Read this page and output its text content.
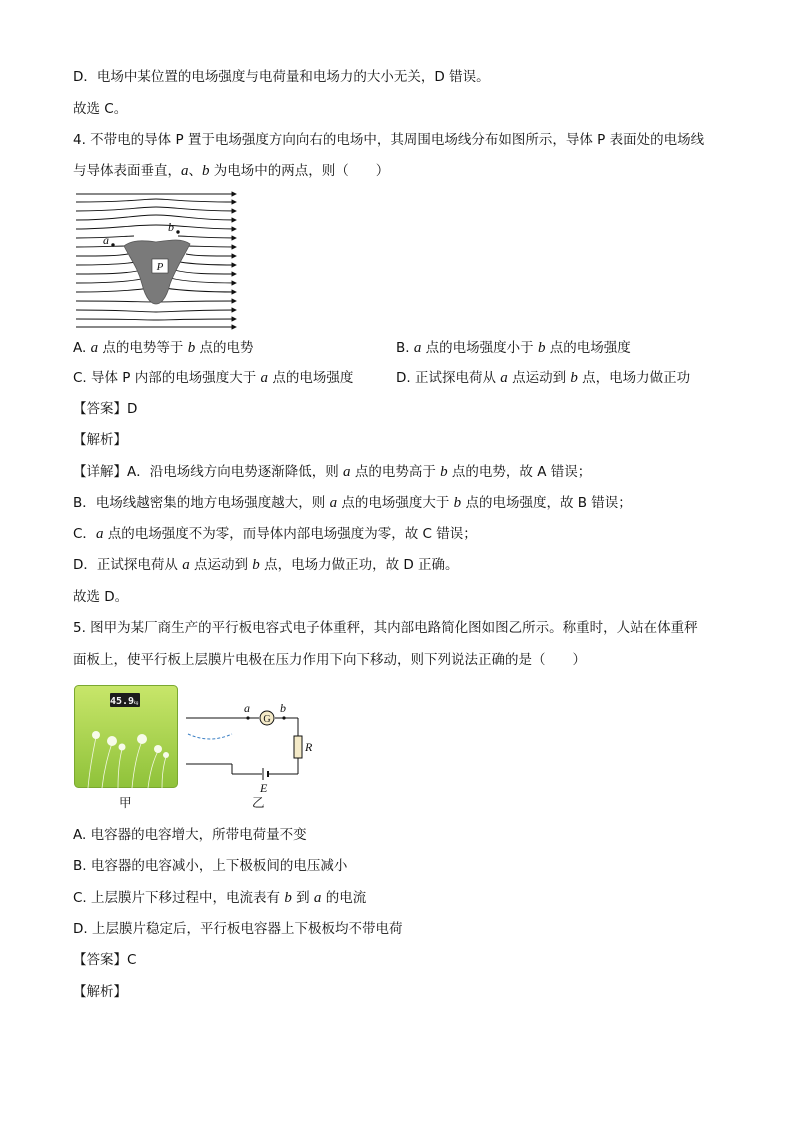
D．电场中某位置的电场强度与电荷量和电场力的大小无关，D 错误。
故选 C。
4. 不带电的导体 P 置于电场强度方向向右的电场中，其周围电场线分布如图所示，导体 P 表面处的电场线
与导体表面垂直，a、b 为电场中的两点，则（　　）
P
a
b
A. a 点的电势等于 b 点的电势	B. a 点的电场强度小于 b 点的电场强度
C. 导体 P 内部的电场强度大于 a 点的电场强度	D. 正试探电荷从 a 点运动到 b 点，电场力做正功
【答案】D
【解析】
【详解】A．沿电场线方向电势逐渐降低，则 a 点的电势高于 b 点的电势，故 A 错误；
B．电场线越密集的地方电场强度越大，则 a 点的电场强度大于 b 点的电场强度，故 B 错误；
C．a 点的电场强度不为零，而导体内部电场强度为零，故 C 错误；
D．正试探电荷从 a 点运动到 b 点，电场力做正功，故 D 正确。
故选 D。
5. 图甲为某厂商生产的平行板电容式电子体重秤，其内部电路简化图如图乙所示。称重时，人站在体重秤
面板上，使平行板上层膜片电极在压力作用下向下移动，则下列说法正确的是（　　）
45.9 kg
甲
G
a	b
R
E
乙
A. 电容器的电容增大，所带电荷量不变
B. 电容器的电容减小，上下极板间的电压减小
C. 上层膜片下移过程中，电流表有 b 到 a 的电流
D. 上层膜片稳定后，平行板电容器上下极板均不带电荷
【答案】C
【解析】
